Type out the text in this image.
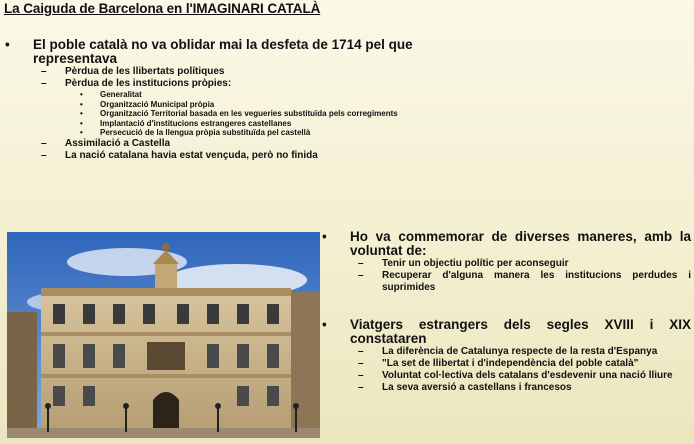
La Caiguda de Barcelona en l'IMAGINARI CATALÀ
•	El poble català no va oblidar mai la desfeta de 1714 pel que representava
–	Pèrdua de les llibertats polítiques
–	Pèrdua de les institucions pròpies:
•	Generalitat
•	Organització Municipal pròpia
•	Organització Territorial basada en les vegueries substituïda pels corregiments
•	Implantació d'institucions estrangeres castellanes
•	Persecució de la llengua pròpia substituïda pel castellà
–	Assimilació a Castella
–	La nació catalana havia estat vençuda, però no finida
•	Ho va commemorar de diverses maneres, amb la voluntat de:
–	Tenir un objectiu polític per aconseguir
–	Recuperar d'alguna manera les institucions perdudes i suprimides
•	Viatgers estrangers dels segles XVIII i XIX constataren
–	La diferència de Catalunya respecte de la resta d'Espanya
–	"La set de llibertat i d'independència del poble català"
–	Voluntat col·lectiva dels catalans d'esdevenir una nació lliure
–	La seva aversió a castellans i francesos
